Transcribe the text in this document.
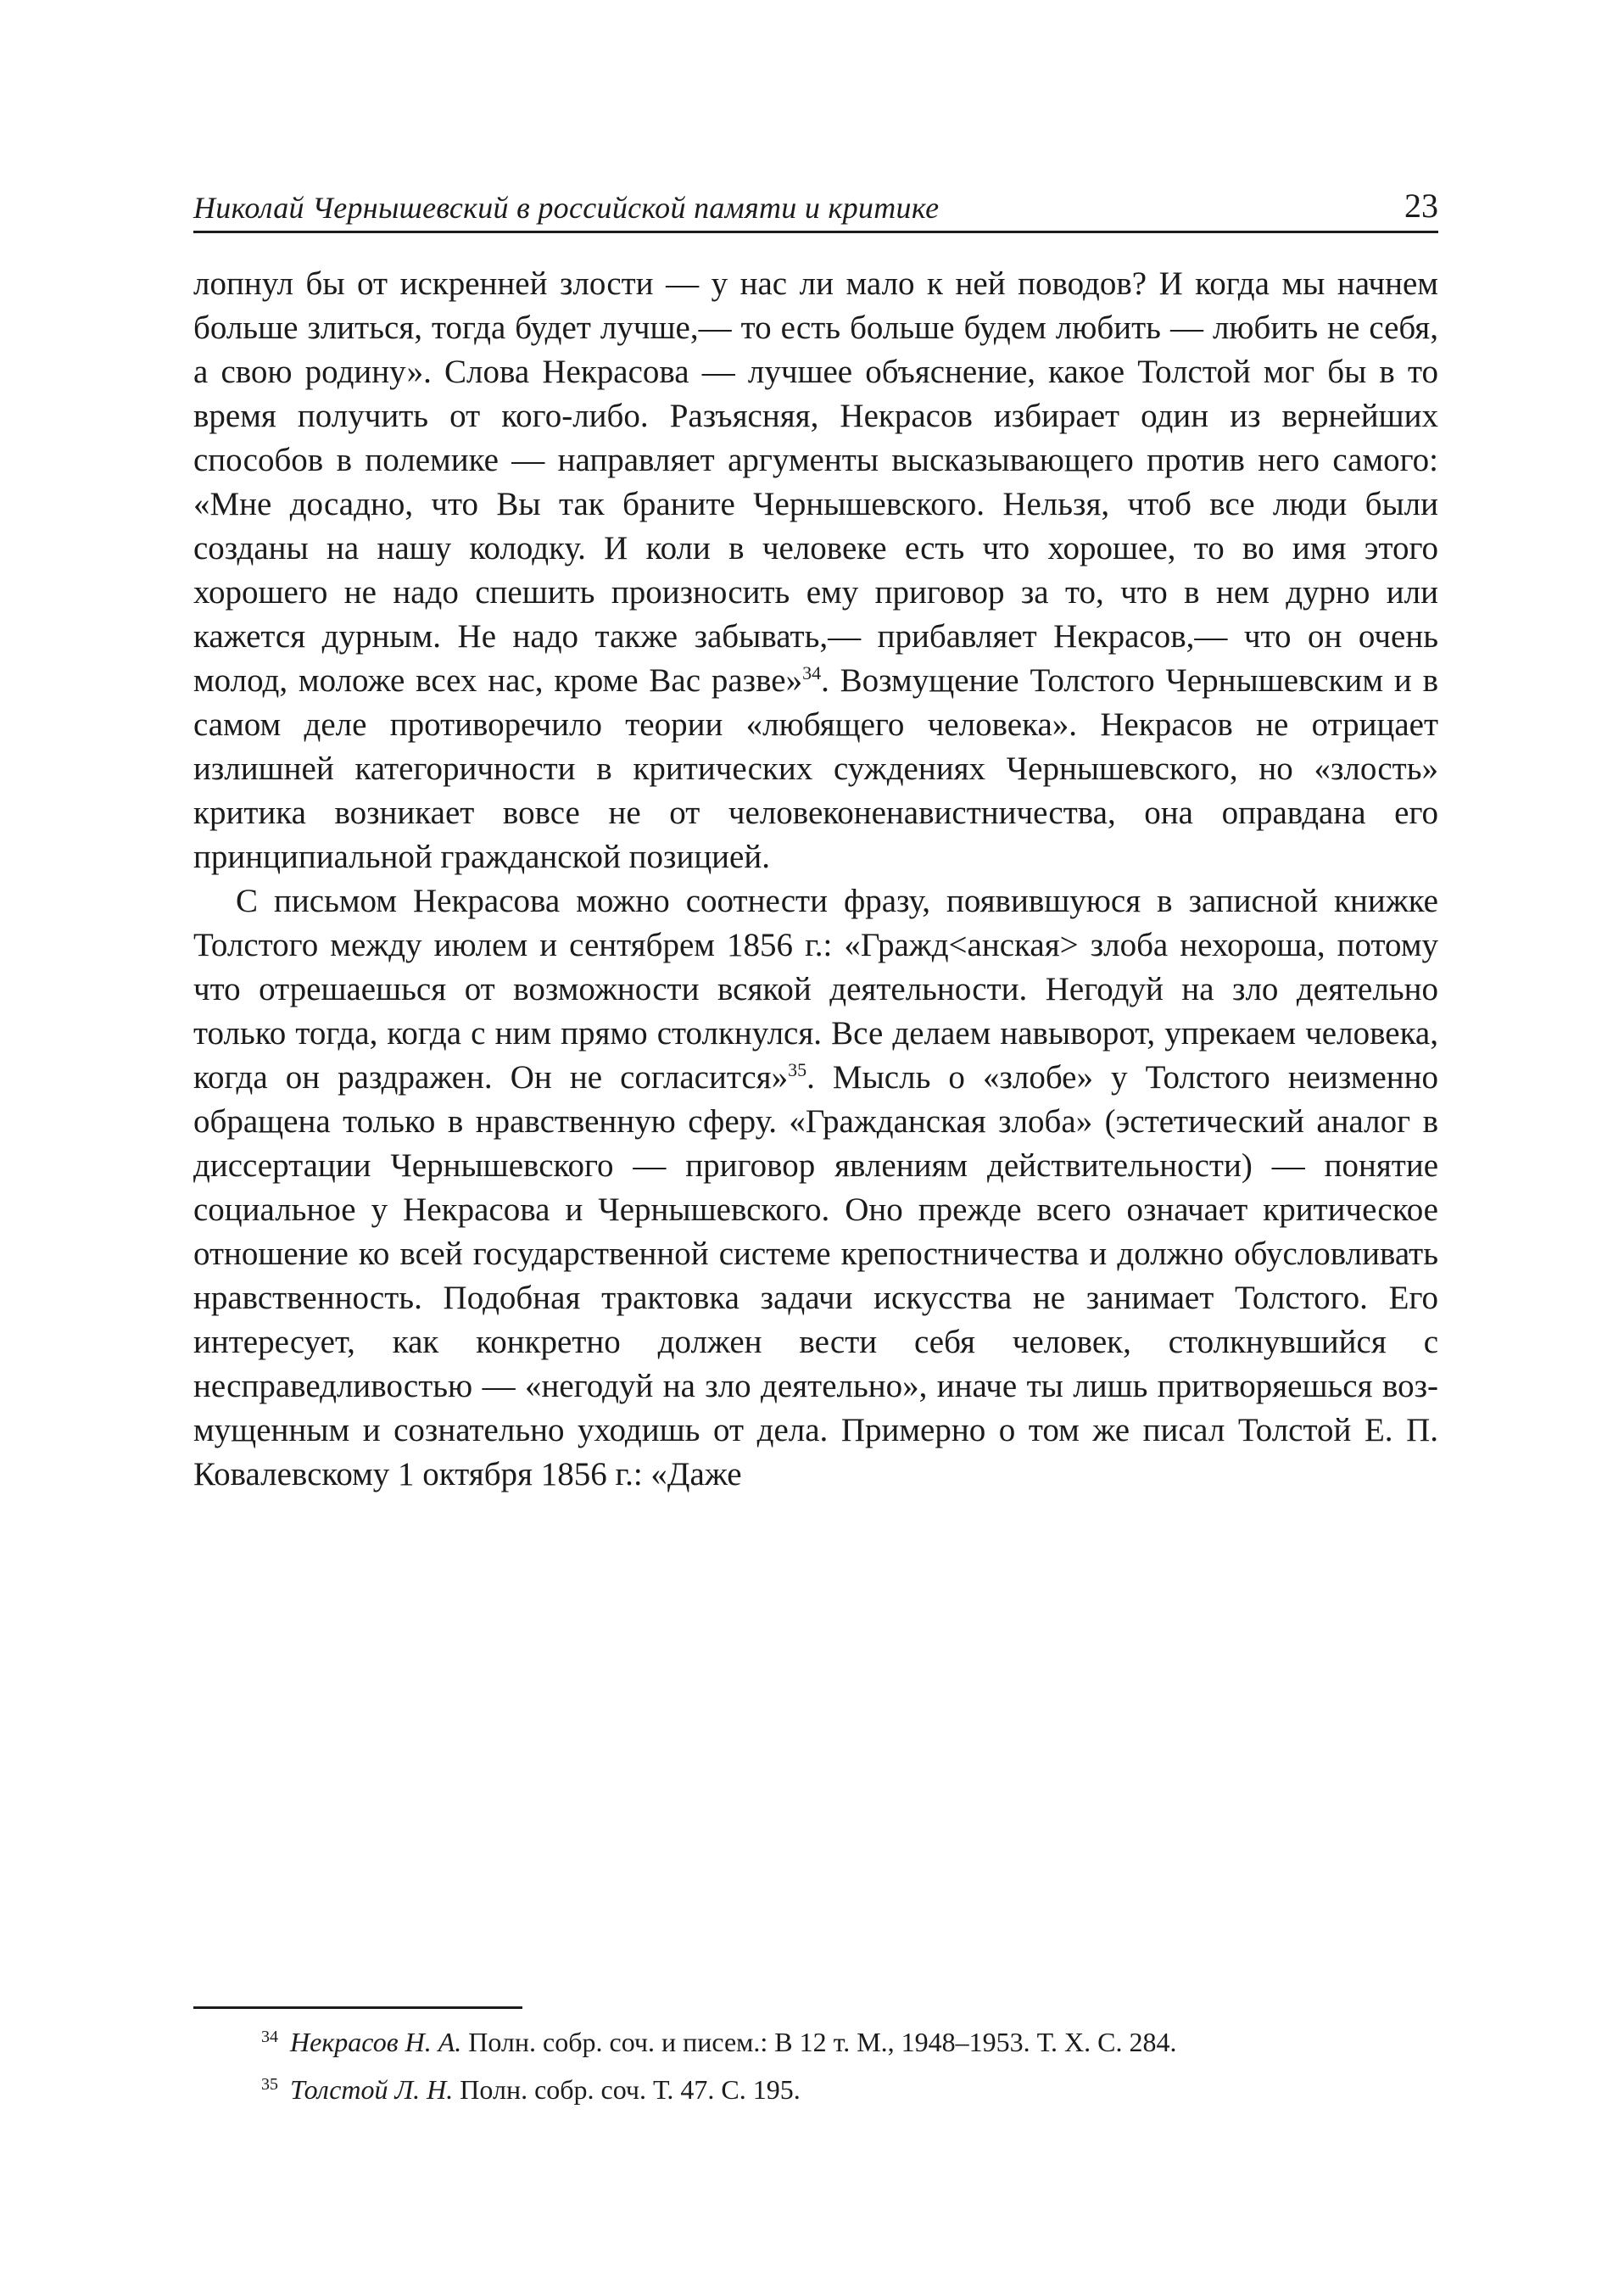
Николай Чернышевский в российской памяти и критике	23

лопнул бы от искренней злости — у нас ли мало к ней поводов? И когда мы начнем больше злиться, тогда будет лучше,— то есть больше будем любить — любить не себя, а свою родину». Слова Некрасова — лучшее объяснение, какое Толстой мог бы в то время получить от кого-либо. Разъясняя, Некрасов избирает один из вернейших способов в полемике — направляет аргументы высказывающего против него самого: «Мне досадно, что Вы так браните Чернышевского. Нельзя, чтоб все люди были созданы на нашу колодку. И коли в человеке есть что хорошее, то во имя этого хорошего не надо спешить произносить ему приговор за то, что в нем дурно или кажется дурным. Не надо также забывать,— прибавляет Некрасов,— что он очень молод, моложе всех нас, кроме Вас разве»$^{34}$. Возмущение Толстого Чернышевским и в самом деле противоречило теории «любящего человека». Некрасов не отрицает излишней категоричности в критических суждениях Чернышевского, но «злость» критика возникает вовсе не от человеконенавистничества, она оправдана его принципиальной гражданской позицией.

С письмом Некрасова можно соотнести фразу, появившуюся в записной книжке Толстого между июлем и сентябрем 1856 г.: «Гражд<анская> злоба нехороша, потому что отрешаешься от возможности всякой деятельности. Негодуй на зло деятельно только тогда, когда с ним прямо столкнулся. Все делаем навыворот, упрекаем человека, когда он раздражен. Он не согласится»$^{35}$. Мысль о «злобе» у Толстого неизменно обращена только в нравственную сферу. «Гражданская злоба» (эстетический аналог в диссертации Чернышевского — приговор явлениям действительности) — понятие социальное у Некрасова и Чернышевского. Оно прежде всего означает критическое отношение ко всей государственной системе крепостничества и должно обусловливать нравственность. Подобная трактовка задачи искусства не занимает Толстого. Его интересует, как конкретно должен вести себя человек, столкнувшийся с несправедливостью — «негодуй на зло деятельно», иначе ты лишь притворяешься возмущенным и сознательно уходишь от дела. Примерно о том же писал Толстой Е. П. Ковалевскому 1 октября 1856 г.: «Даже

34 Некрасов Н. А. Полн. собр. соч. и писем.: В 12 т. М., 1948–1953. Т. X. С. 284.

35 Толстой Л. Н. Полн. собр. соч. Т. 47. С. 195.
